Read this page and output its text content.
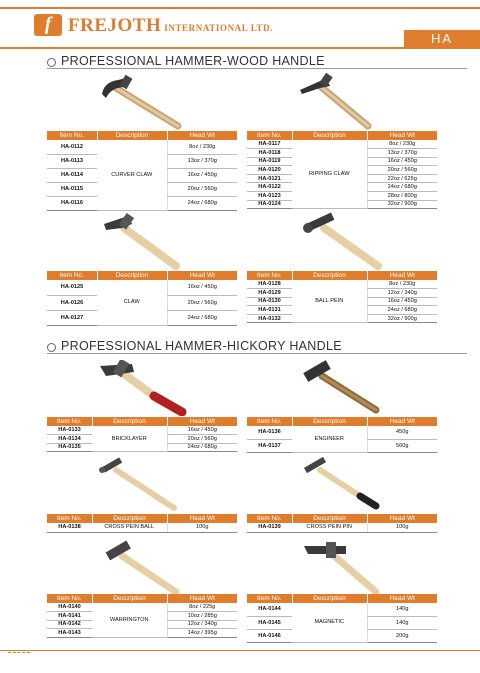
f FREJOTH INTERNATIONAL LTD.
HA
PROFESSIONAL HAMMER-WOOD HANDLE
Item No.	Description	Head Wt
HA-0112	CURVER CLAW	8oz / 230g
HA-0113		13oz / 370g
HA-0114		16oz / 450g
HA-0115		20oz / 560g
HA-0116		24oz / 680g
Item No.	Description	Head Wt
HA-0117	RIPPING CLAW	8oz / 230g
HA-0118		13oz / 370g
HA-0119		16oz / 450g
HA-0120		20oz / 560g
HA-0121		22oz / 625g
HA-0122		24oz / 680g
HA-0123		28oz / 800g
HA-0124		32oz / 900g
Item No.	Description	Head Wt
HA-0125	CLAW	16oz / 450g
HA-0126		20oz / 560g
HA-0127		24oz / 680g
Item No.	Description	Head Wt
HA-0128	BALL PEIN	8oz / 230g
HA-0129		12oz / 340g
HA-0130		16oz / 450g
HA-0131		24oz / 680g
HA-0132		32oz / 900g
PROFESSIONAL HAMMER-HICKORY HANDLE
Item No.	Description	Head Wt
HA-0133	BRICKLAYER	16oz / 450g
HA-0134		20oz / 560g
HA-0135		24oz / 680g
Item No.	Description	Head Wt
HA-0136	ENGINEER	450g
HA-0137		560g
Item No.	Description	Head Wt
HA-0138	CROSS PEIN BALL	100g
Item No.	Description	Head Wt
HA-0139	CROSS PEIN PIN	100g
Item No.	Description	Head Wt
HA-0140	WARRINGTON	8oz / 225g
HA-0141		10oz / 285g
HA-0142		12oz / 340g
HA-0143		14oz / 395g
Item No.	Description	Head Wt
HA-0144	MAGNETIC	140g
HA-0145		140g
HA-0146		200g
